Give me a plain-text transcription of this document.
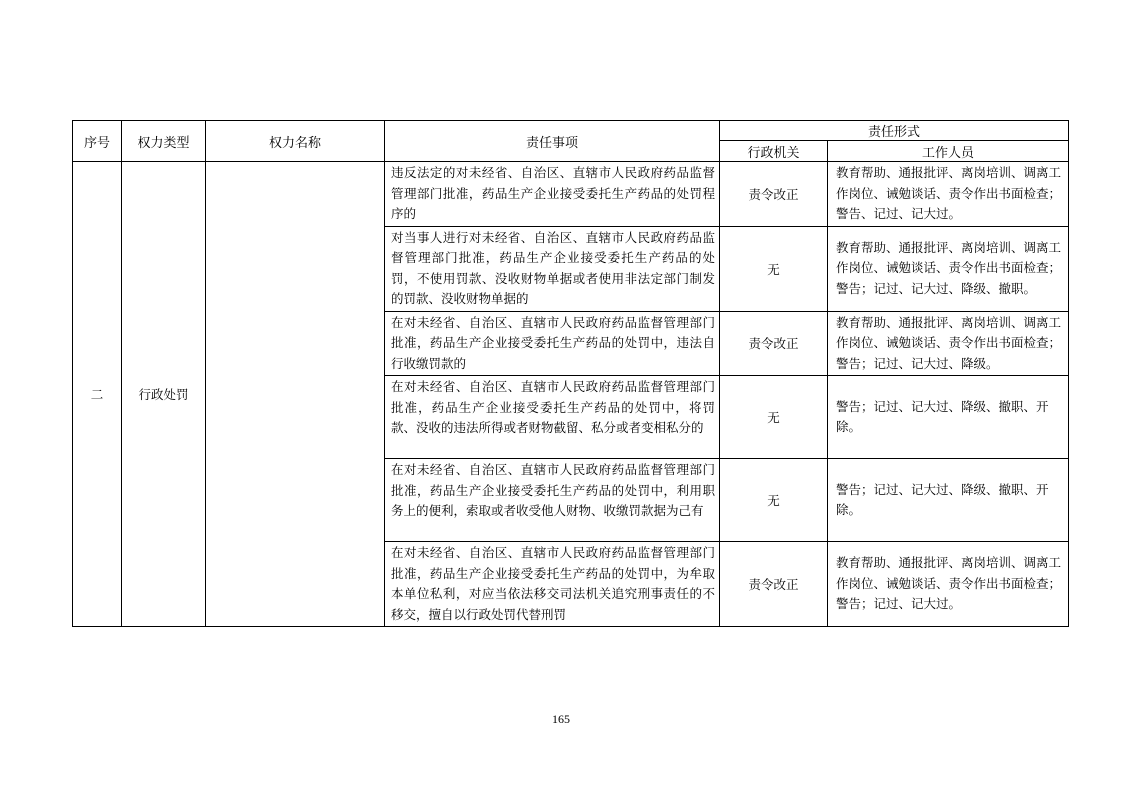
序号	权力类型	权力名称	责任事项	责任形式	
				行政机关	工作人员
二	行政处罚		违反法定的对未经省、自治区、直辖市人民政府药品监督管理部门批准，药品生产企业接受委托生产药品的处罚程序的	责令改正	教育帮助、通报批评、离岗培训、调离工作岗位、诫勉谈话、责令作出书面检查；警告、记过、记大过。
			对当事人进行对未经省、自治区、直辖市人民政府药品监督管理部门批准，药品生产企业接受委托生产药品的处罚，不使用罚款、没收财物单据或者使用非法定部门制发的罚款、没收财物单据的	无	教育帮助、通报批评、离岗培训、调离工作岗位、诫勉谈话、责令作出书面检查；警告；记过、记大过、降级、撤职。
			在对未经省、自治区、直辖市人民政府药品监督管理部门批准，药品生产企业接受委托生产药品的处罚中，违法自行收缴罚款的	责令改正	教育帮助、通报批评、离岗培训、调离工作岗位、诫勉谈话、责令作出书面检查；警告；记过、记大过、降级。
			在对未经省、自治区、直辖市人民政府药品监督管理部门批准，药品生产企业接受委托生产药品的处罚中，将罚款、没收的违法所得或者财物截留、私分或者变相私分的	无	警告；记过、记大过、降级、撤职、开除。
			在对未经省、自治区、直辖市人民政府药品监督管理部门批准，药品生产企业接受委托生产药品的处罚中，利用职务上的便利，索取或者收受他人财物、收缴罚款据为己有	无	警告；记过、记大过、降级、撤职、开除。
			在对未经省、自治区、直辖市人民政府药品监督管理部门批准，药品生产企业接受委托生产药品的处罚中，为牟取本单位私利，对应当依法移交司法机关追究刑事责任的不移交，擅自以行政处罚代替刑罚	责令改正	教育帮助、通报批评、离岗培训、调离工作岗位、诫勉谈话、责令作出书面检查；警告；记过、记大过。
165
